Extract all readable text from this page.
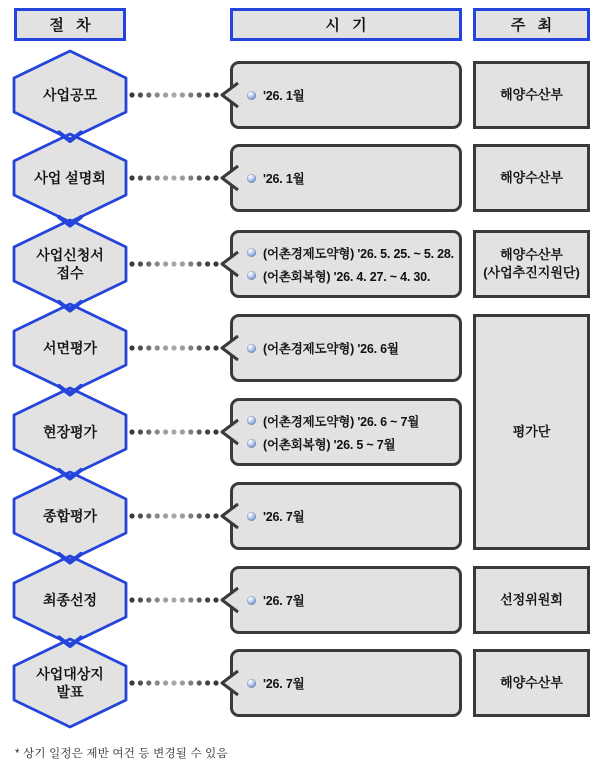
절 차	시 기	주 최
사업공모
사업 설명회
사업신청서
접수
서면평가
현장평가
종합평가
최종선정
사업대상지
발표
'26. 1월
'26. 1월
(어촌경제도약형) '26. 5. 25. ~ 5. 28.
(어촌회복형) '26. 4. 27. ~ 4. 30.
(어촌경제도약형) '26. 6월
(어촌경제도약형) '26. 6 ~ 7월
(어촌회복형) '26. 5 ~ 7월
'26. 7월
'26. 7월
'26. 7월
해양수산부
해양수산부
해양수산부
(사업추진지원단)
평가단
선정위원회
해양수산부
* 상기 일정은 제반 여건 등 변경될 수 있음
